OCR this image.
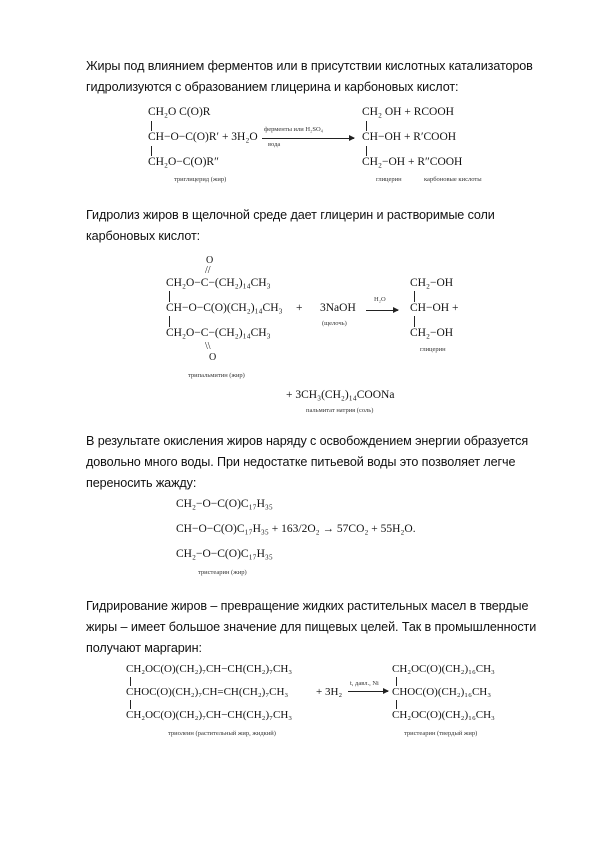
Жиры под влиянием ферментов или в присутствии кислотных катализаторов
гидролизуются с образованием глицерина и карбоновых кислот:
CH₂O C(O)R
CH−O−C(O)R′ + 3H₂O
CH₂O−C(O)R″
ферменты или H₂SO₄
вода
CH₂ OH + RCOOH
CH−OH + R′COOH
CH₂−OH + R″COOH
триглицерид (жир)	глицерин	карбоновые кислоты
Гидролиз жиров в щелочной среде дает глицерин и растворимые соли
карбоновых кислот:
O
//
CH₂O−C−(CH₂)₁₄CH₃
CH−O−C(O)(CH₂)₁₄CH₃
CH₂O−C−(CH₂)₁₄CH₃
\\
O
+ 3NaOH
(щелочь)
H₂O
CH₂−OH
CH−OH +
CH₂−OH
глицерин
трипальмитин (жир)
+ 3CH₃(CH₂)₁₄COONa
пальмитат натрия (соль)
В результате окисления жиров наряду с освобождением энергии образуется
довольно много воды. При недостатке питьевой воды это позволяет легче
переносить жажду:
CH₂−O−C(O)C₁₇H₃₅
CH−O−C(O)C₁₇H₃₅ + 163/2O₂ → 57CO₂ + 55H₂O.
CH₂−O−C(O)C₁₇H₃₅
тристеарин (жир)
Гидрирование жиров – превращение жидких растительных масел в твердые
жиры – имеет большое значение для пищевых целей. Так в промышленности
получают маргарин:
CH₂OC(O)(CH₂)₇CH−CH(CH₂)₇CH₃
CHOC(O)(CH₂)₇CH=CH(CH₂)₇CH₃
CH₂OC(O)(CH₂)₇CH−CH(CH₂)₇CH₃
+ 3H₂
t, давл., Ni
CH₂OC(O)(CH₂)₁₆CH₃
CHOC(O)(CH₂)₁₆CH₃
CH₂OC(O)(CH₂)₁₆CH₃
триолеин (растительный жир, жидкий)	тристеарин (твердый жир)
